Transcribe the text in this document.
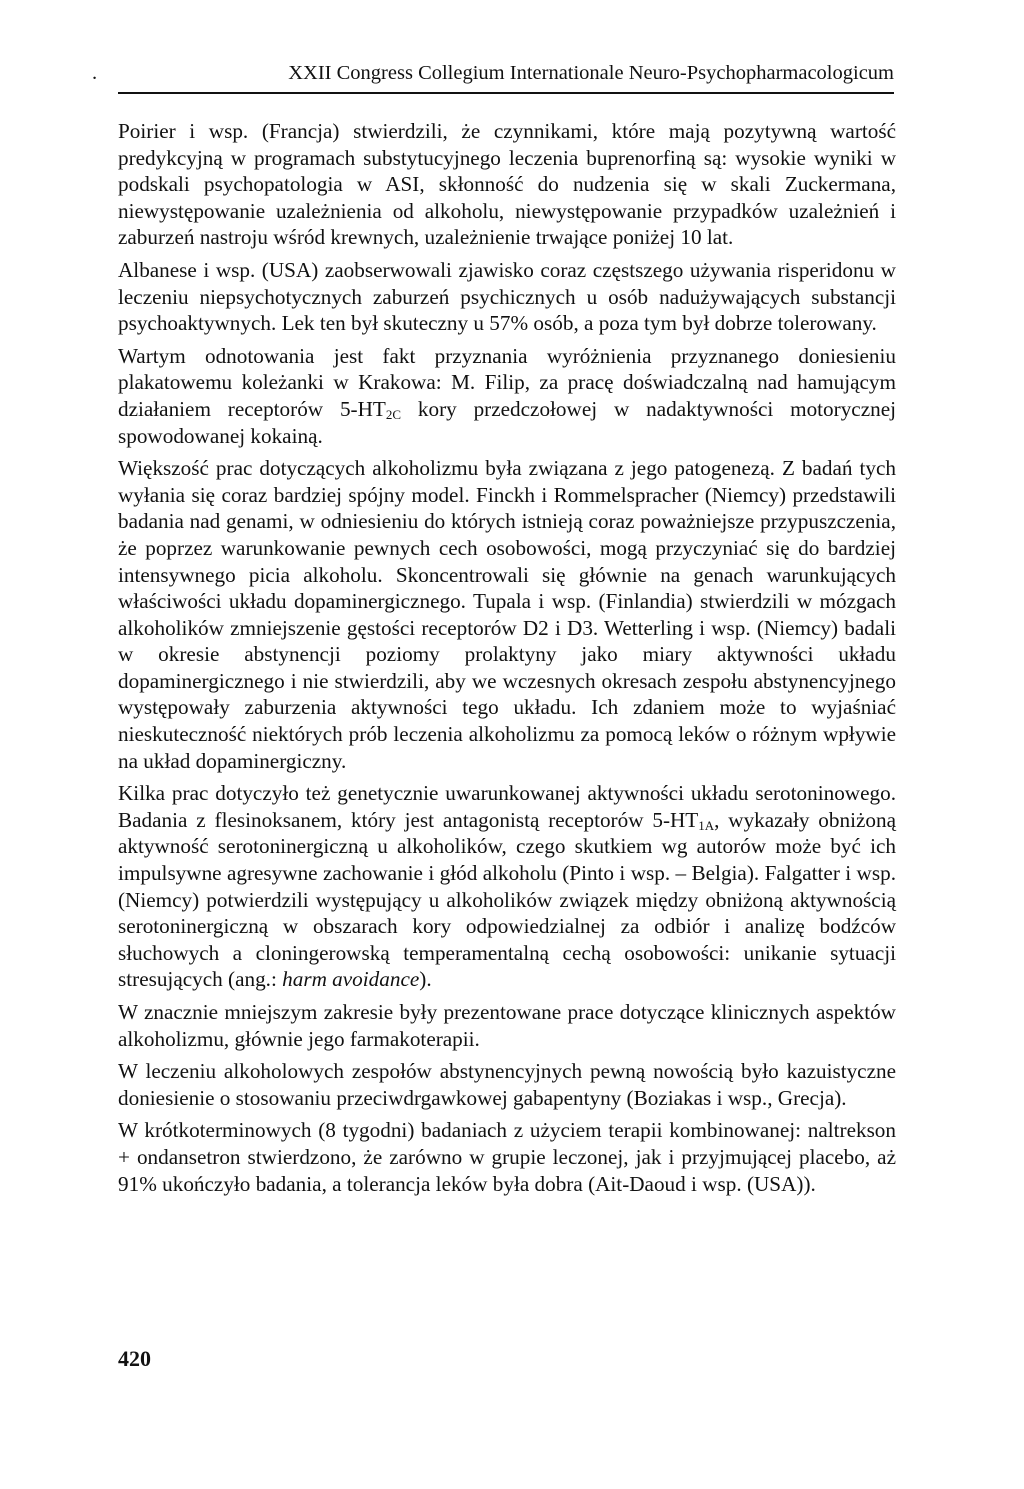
.	XXII Congress Collegium Internationale Neuro-Psychopharmacologicum

Poirier i wsp. (Francja) stwierdzili, że czynnikami, które mają pozytywną wartość predykcyjną w programach substytucyjnego leczenia buprenorfiną są: wysokie wyniki w podskali psychopatologia w ASI, skłonność do nudzenia się w skali Zuckermana, niewystępowanie uzależnienia od alkoholu, niewystępowanie przypadków uzależnień i zaburzeń nastroju wśród krewnych, uzależnienie trwające poniżej 10 lat.

Albanese i wsp. (USA) zaobserwowali zjawisko coraz częstszego używania risperidonu w leczeniu niepsychotycznych zaburzeń psychicznych u osób nadużywających substancji psychoaktywnych. Lek ten był skuteczny u 57% osób, a poza tym był dobrze tolerowany.

Wartym odnotowania jest fakt przyznania wyróżnienia przyznanego doniesieniu plakatowemu koleżanki w Krakowa: M. Filip, za pracę doświadczalną nad hamującym działaniem receptorów $5-HT_{2C}$ kory przedczołowej w nadaktywności motorycznej spowodowanej kokainą.

Większość prac dotyczących alkoholizmu była związana z jego patogenezą. Z badań tych wyłania się coraz bardziej spójny model. Finckh i Rommelspracher (Niemcy) przedstawili badania nad genami, w odniesieniu do których istnieją coraz poważniejsze przypuszczenia, że poprzez warunkowanie pewnych cech osobowości, mogą przyczyniać się do bardziej intensywnego picia alkoholu. Skoncentrowali się głównie na genach warunkujących właściwości układu dopaminergicznego. Tupala i wsp. (Finlandia) stwierdzili w mózgach alkoholików zmniejszenie gęstości receptorów D2 i D3. Wetterling i wsp. (Niemcy) badali w okresie abstynencji poziomy prolaktyny jako miary aktywności układu dopaminergicznego i nie stwierdzili, aby we wczesnych okresach zespołu abstynencyjnego występowały zaburzenia aktywności tego układu. Ich zdaniem może to wyjaśniać nieskuteczność niektórych prób leczenia alkoholizmu za pomocą leków o różnym wpływie na układ dopaminergiczny.

Kilka prac dotyczyło też genetycznie uwarunkowanej aktywności układu serotoninowego. Badania z flesinoksanem, który jest antagonistą receptorów $5-HT_{1A}$, wykazały obniżoną aktywność serotoninergiczną u alkoholików, czego skutkiem wg autorów może być ich impulsywne agresywne zachowanie i głód alkoholu (Pinto i wsp. – Belgia). Falgatter i wsp. (Niemcy) potwierdzili występujący u alkoholików związek między obniżoną aktywnością serotoninergiczną w obszarach kory odpowiedzialnej za odbiór i analizę bodźców słuchowych a cloningerowską temperamentalną cechą osobowości: unikanie sytuacji stresujących (ang.: harm avoidance).

W znacznie mniejszym zakresie były prezentowane prace dotyczące klinicznych aspektów alkoholizmu, głównie jego farmakoterapii.

W leczeniu alkoholowych zespołów abstynencyjnych pewną nowością było kazuistyczne doniesienie o stosowaniu przeciwdrgawkowej gabapentyny (Boziakas i wsp., Grecja).

W krótkoterminowych (8 tygodni) badaniach z użyciem terapii kombinowanej: naltrekson + ondansetron stwierdzono, że zarówno w grupie leczonej, jak i przyjmującej placebo, aż 91% ukończyło badania, a tolerancja leków była dobra (Ait-Daoud i wsp. (USA)).

420
